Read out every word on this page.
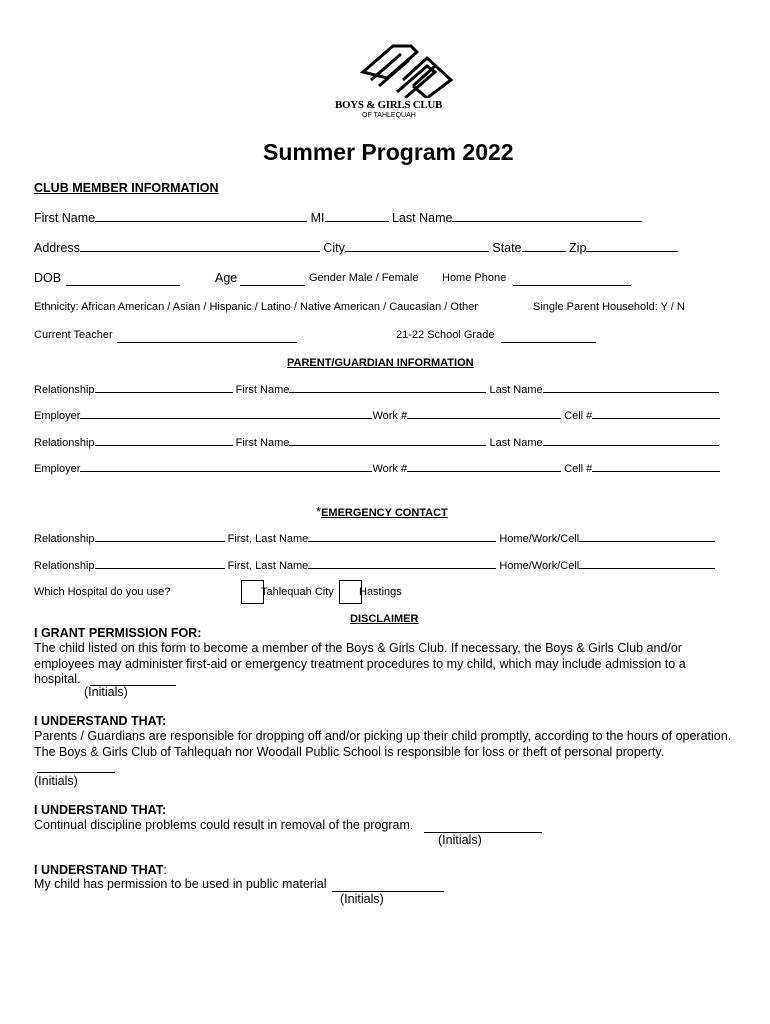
BOYS & GIRLS CLUB
OF TAHLEQUAH
Summer Program 2022
CLUB MEMBER INFORMATION
First Name	MI	Last Name
Address	City	State	Zip
DOB	Age	Gender Male / Female Home Phone
Ethnicity: African American / Asian / Hispanic / Latino / Native American / Caucasian / Other	Single Parent Household: Y / N
Current Teacher	21-22 School Grade
PARENT/GUARDIAN INFORMATION
Relationship	First Name	Last Name
Employer	Work #	Cell #
Relationship	First Name	Last Name
Employer	Work #	Cell #
*EMERGENCY CONTACT
Relationship	First, Last Name	Home/Work/Cell
Relationship	First, Last Name	Home/Work/Cell
Which Hospital do you use?	Tahlequah City Hastings
DISCLAIMER
I GRANT PERMISSION FOR:
The child listed on this form to become a member of the Boys & Girls Club. If necessary, the Boys & Girls Club and/or employees may administer first-aid or emergency treatment procedures to my child, which may include admission to a hospital.
(Initials)
I UNDERSTAND THAT:
Parents / Guardians are responsible for dropping off and/or picking up their child promptly, according to the hours of operation. The Boys & Girls Club of Tahlequah nor Woodall Public School is responsible for loss or theft of personal property.
(Initials)
I UNDERSTAND THAT:
Continual discipline problems could result in removal of the program.
(Initials)
I UNDERSTAND THAT:
My child has permission to be used in public material
(Initials)
